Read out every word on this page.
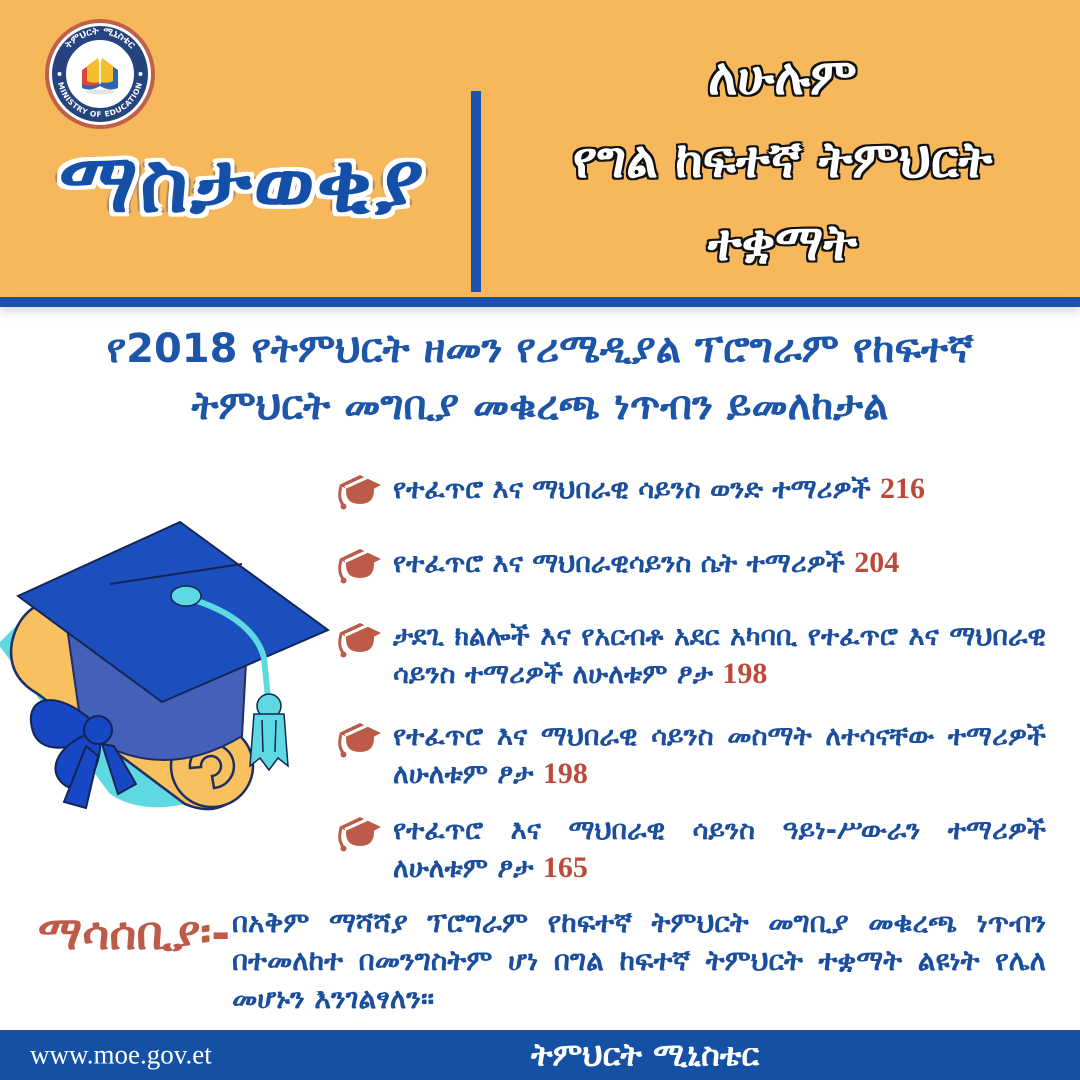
ትምህርት ሚኒስቴር
MINISTRY OF EDUCATION
ማስታወቂያ
ለሁሉም
የግል ከፍተኛ ትምህርት
ተቋማት
የ2018 የትምህርት ዘመን የሪሜዲያል ፕሮግራም የከፍተኛ
ትምህርት መግቢያ መቁረጫ ነጥብን ይመለከታል
የተፈጥሮ እና ማህበራዊ ሳይንስ ወንድ ተማሪዎች 216
የተፈጥሮ እና ማህበራዊሳይንስ ሴት ተማሪዎች 204
ታደጊ ክልሎች እና የአርብቶ አደር አካባቢ የተፈጥሮ እና ማህበራዊ ሳይንስ ተማሪዎች ለሁለቱም ፆታ 198
የተፈጥሮ እና ማህበራዊ ሳይንስ መስማት ለተሳናቸው ተማሪዎች ለሁለቱም ፆታ 198
የተፈጥሮ እና ማህበራዊ ሳይንስ ዓይነ-ሥውራን ተማሪዎች ለሁለቱም ፆታ 165
ማሳሰቢያ፡- በአቅም ማሻሻያ ፕሮግራም የከፍተኛ ትምህርት መግቢያ መቁረጫ ነጥብን በተመለከተ በመንግስትም ሆነ በግል ከፍተኛ ትምህርት ተቋማት ልዩነት የሌለ መሆኑን እንገልፃለን።

www.moe.gov.et	ትምህርት ሚኒስቴር
